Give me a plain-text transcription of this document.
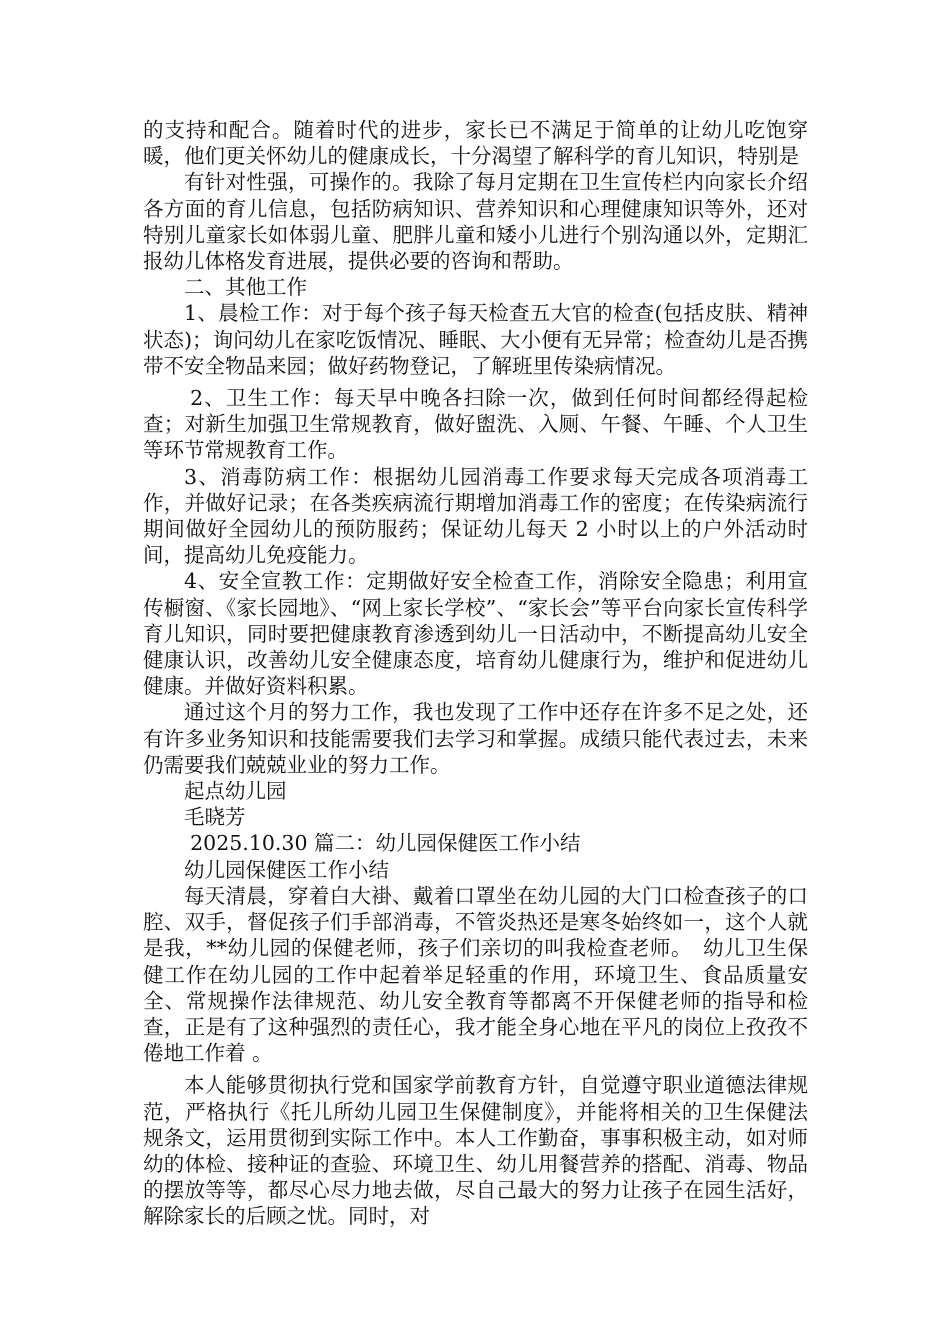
的支持和配合。随着时代的进步，家长已不满足于简单的让幼儿吃饱穿暖，他们更关怀幼儿的健康成长，十分渴望了解科学的育儿知识，特别是

有针对性强，可操作的。我除了每月定期在卫生宣传栏内向家长介绍各方面的育儿信息，包括防病知识、营养知识和心理健康知识等外，还对特别儿童家长如体弱儿童、肥胖儿童和矮小儿进行个别沟通以外，定期汇报幼儿体格发育进展，提供必要的咨询和帮助。

二、其他工作

1、晨检工作：对于每个孩子每天检查五大官的检查(包括皮肤、精神状态)；询问幼儿在家吃饭情况、睡眠、大小便有无异常；检查幼儿是否携带不安全物品来园；做好药物登记，了解班里传染病情况。

2、卫生工作：每天早中晚各扫除一次，做到任何时间都经得起检查；对新生加强卫生常规教育，做好盥洗、入厕、午餐、午睡、个人卫生等环节常规教育工作。

3、消毒防病工作：根据幼儿园消毒工作要求每天完成各项消毒工作，并做好记录；在各类疾病流行期增加消毒工作的密度；在传染病流行期间做好全园幼儿的预防服药；保证幼儿每天 2 小时以上的户外活动时间，提高幼儿免疫能力。

4、安全宣教工作：定期做好安全检查工作，消除安全隐患；利用宣传橱窗、《家长园地》、“网上家长学校”、“家长会”等平台向家长宣传科学育儿知识，同时要把健康教育渗透到幼儿一日活动中，不断提高幼儿安全健康认识，改善幼儿安全健康态度，培育幼儿健康行为，维护和促进幼儿健康。并做好资料积累。

通过这个月的努力工作，我也发现了工作中还存在许多不足之处，还有许多业务知识和技能需要我们去学习和掌握。成绩只能代表过去，未来仍需要我们兢兢业业的努力工作。

起点幼儿园

毛晓芳

2025.10.30 篇二：幼儿园保健医工作小结

幼儿园保健医工作小结

每天清晨，穿着白大褂、戴着口罩坐在幼儿园的大门口检查孩子的口腔、双手，督促孩子们手部消毒，不管炎热还是寒冬始终如一，这个人就是我，**幼儿园的保健老师，孩子们亲切的叫我检查老师。　幼儿卫生保健工作在幼儿园的工作中起着举足轻重的作用，环境卫生、食品质量安全、常规操作法律规范、幼儿安全教育等都离不开保健老师的指导和检查，正是有了这种强烈的责任心，我才能全身心地在平凡的岗位上孜孜不倦地工作着 。

本人能够贯彻执行党和国家学前教育方针，自觉遵守职业道德法律规范，严格执行《托儿所幼儿园卫生保健制度》，并能将相关的卫生保健法规条文，运用贯彻到实际工作中。本人工作勤奋，事事积极主动，如对师幼的体检、接种证的查验、环境卫生、幼儿用餐营养的搭配、消毒、物品的摆放等等，都尽心尽力地去做，尽自己最大的努力让孩子在园生活好，解除家长的后顾之忧。同时，对
